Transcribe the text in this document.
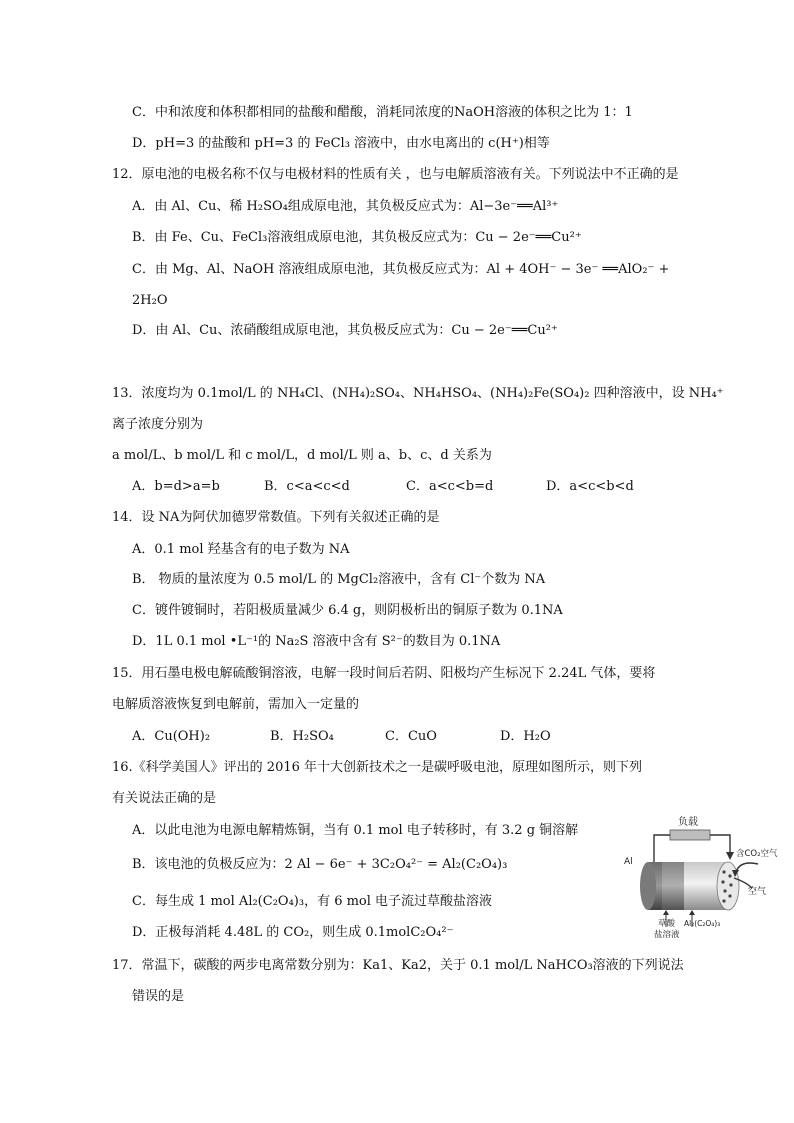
C．中和浓度和体积都相同的盐酸和醋酸，消耗同浓度的NaOH溶液的体积之比为 1：1
D．pH=3 的盐酸和 pH=3 的 FeCl₃ 溶液中，由水电离出的 c(H⁺)相等
12．原电池的电极名称不仅与电极材料的性质有关 ，也与电解质溶液有关。下列说法中不正确的是
A．由 Al、Cu、稀 H₂SO₄组成原电池，其负极反应式为：Al−3e⁻══Al³⁺
B．由 Fe、Cu、FeCl₃溶液组成原电池，其负极反应式为：Cu − 2e⁻══Cu²⁺
C．由 Mg、Al、NaOH 溶液组成原电池，其负极反应式为：Al + 4OH⁻ − 3e⁻ ══AlO₂⁻ +
2H₂O
D．由 Al、Cu、浓硝酸组成原电池，其负极反应式为：Cu − 2e⁻══Cu²⁺
13．浓度均为 0.1mol/L 的 NH₄Cl、(NH₄)₂SO₄、NH₄HSO₄、(NH₄)₂Fe(SO₄)₂ 四种溶液中，设 NH₄⁺
离子浓度分别为
a mol/L、b mol/L 和 c mol/L，d mol/L 则 a、b、c、d 关系为
A．b=d>a=b	B．c<a<c<d	C．a<c<b=d	D．a<c<b<d
14．设 NA为阿伏加德罗常数值。下列有关叙述正确的是
A．0.1 mol 羟基含有的电子数为 NA
B． 物质的量浓度为 0.5 mol/L 的 MgCl₂溶液中，含有 Cl⁻个数为 NA
C．镀件镀铜时，若阳极质量减少 6.4 g，则阴极析出的铜原子数为 0.1NA
D．1L 0.1 mol •L⁻¹的 Na₂S 溶液中含有 S²⁻的数目为 0.1NA
15．用石墨电极电解硫酸铜溶液，电解一段时间后若阴、阳极均产生标况下 2.24L 气体，要将
电解质溶液恢复到电解前，需加入一定量的
A．Cu(OH)₂	B．H₂SO₄	C．CuO	D．H₂O
16.《科学美国人》评出的 2016 年十大创新技术之一是碳呼吸电池，原理如图所示，则下列
有关说法正确的是
A．以此电池为电源电解精炼铜，当有 0.1 mol 电子转移时，有 3.2 g 铜溶解
B．该电池的负极反应为：2 Al − 6e⁻ + 3C₂O₄²⁻ = Al₂(C₂O₄)₃
C．每生成 1 mol Al₂(C₂O₄)₃，有 6 mol 电子流过草酸盐溶液
D．正极每消耗 4.48L 的 CO₂，则生成 0.1molC₂O₄²⁻
负载
Al
含CO₂空气
空气
草酸
盐溶液
Al₂(C₂O₄)₃
17．常温下，碳酸的两步电离常数分别为：Ka1、Ka2，关于 0.1 mol/L NaHCO₃溶液的下列说法
错误的是
